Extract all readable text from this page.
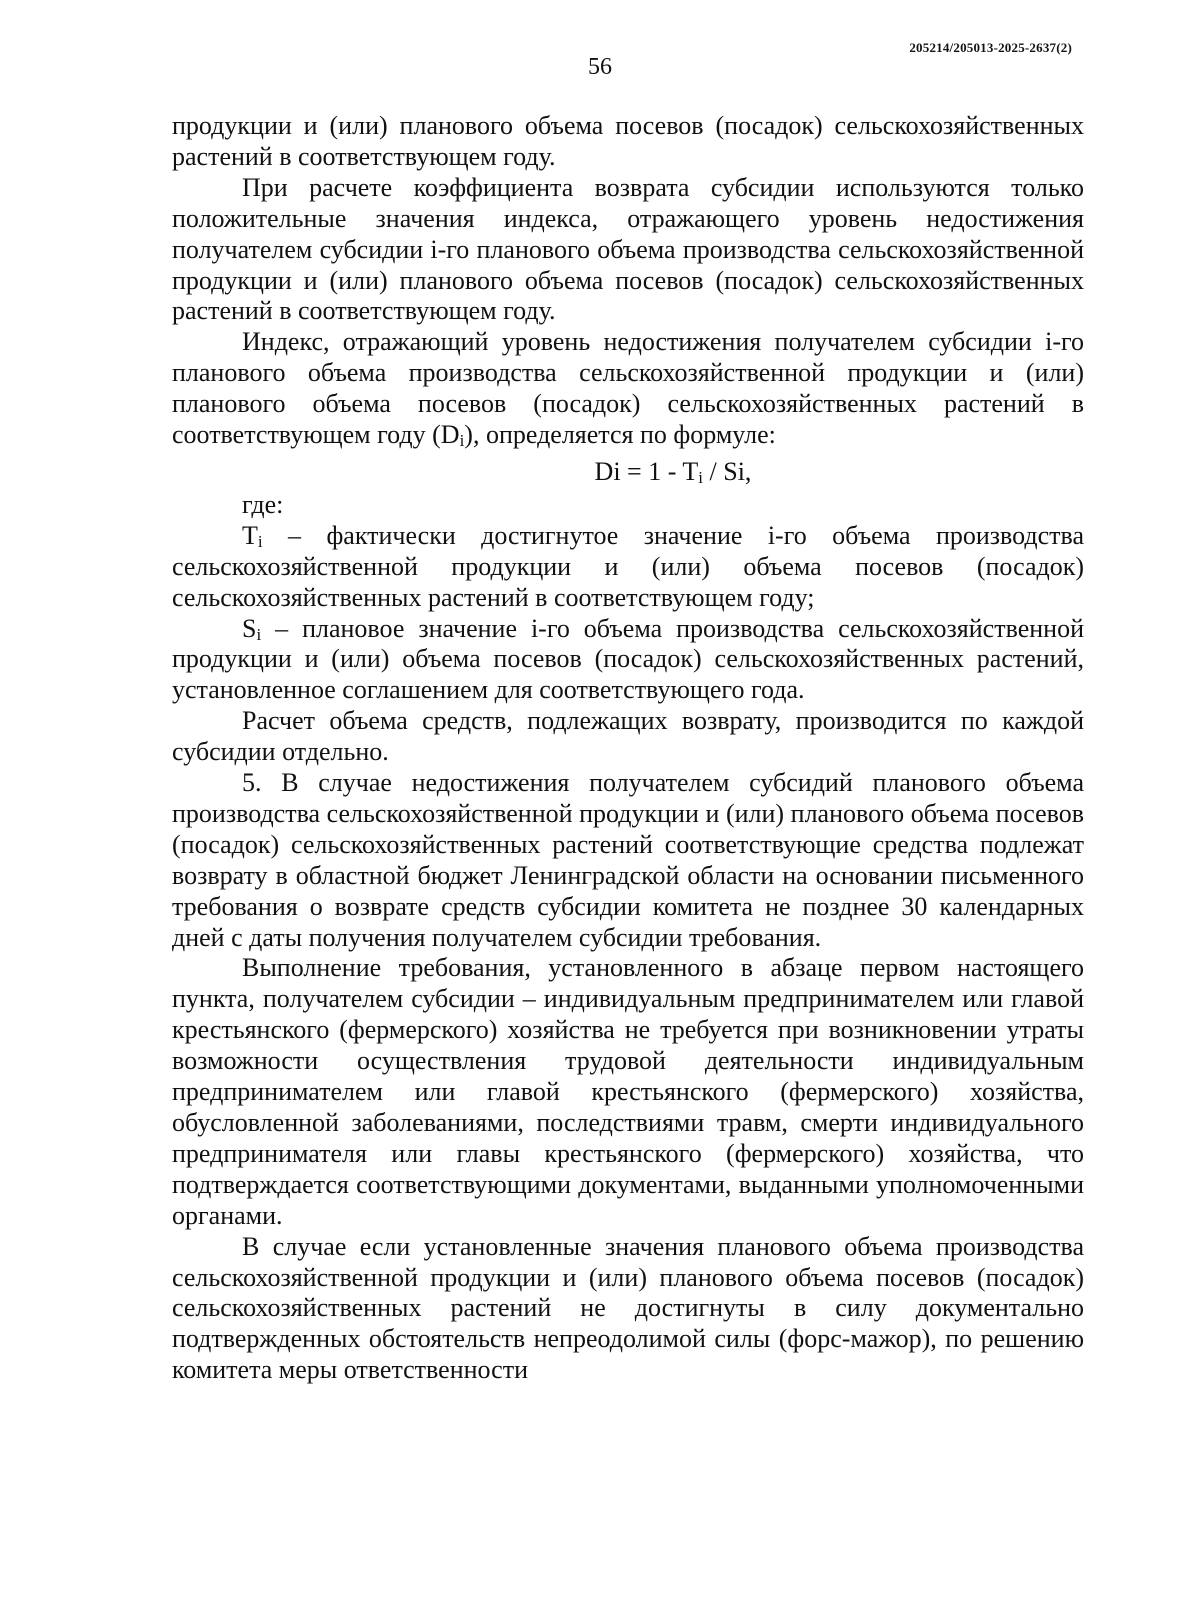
205214/205013-2025-2637(2)
56

продукции и (или) планового объема посевов (посадок) сельскохозяйственных растений в соответствующем году.

При расчете коэффициента возврата субсидии используются только положительные значения индекса, отражающего уровень недостижения получателем субсидии i-го планового объема производства сельскохозяйственной продукции и (или) планового объема посевов (посадок) сельскохозяйственных растений в соответствующем году.

Индекс, отражающий уровень недостижения получателем субсидии i-го планового объема производства сельскохозяйственной продукции и (или) планового объема посевов (посадок) сельскохозяйственных растений в соответствующем году $(D_i)$, определяется по формуле:

$Di = 1 - T_i / Si$,

где:

$T_i$ – фактически достигнутое значение i-го объема производства сельскохозяйственной продукции и (или) объема посевов (посадок) сельскохозяйственных растений в соответствующем году;

$S_i$ – плановое значение i-го объема производства сельскохозяйственной продукции и (или) объема посевов (посадок) сельскохозяйственных растений, установленное соглашением для соответствующего года.

Расчет объема средств, подлежащих возврату, производится по каждой субсидии отдельно.

5. В случае недостижения получателем субсидий планового объема производства сельскохозяйственной продукции и (или) планового объема посевов (посадок) сельскохозяйственных растений соответствующие средства подлежат возврату в областной бюджет Ленинградской области на основании письменного требования о возврате средств субсидии комитета не позднее 30 календарных дней с даты получения получателем субсидии требования.

Выполнение требования, установленного в абзаце первом настоящего пункта, получателем субсидии – индивидуальным предпринимателем или главой крестьянского (фермерского) хозяйства не требуется при возникновении утраты возможности осуществления трудовой деятельности индивидуальным предпринимателем или главой крестьянского (фермерского) хозяйства, обусловленной заболеваниями, последствиями травм, смерти индивидуального предпринимателя или главы крестьянского (фермерского) хозяйства, что подтверждается соответствующими документами, выданными уполномоченными органами.

В случае если установленные значения планового объема производства сельскохозяйственной продукции и (или) планового объема посевов (посадок) сельскохозяйственных растений не достигнуты в силу документально подтвержденных обстоятельств непреодолимой силы (форс-мажор), по решению комитета меры ответственности
